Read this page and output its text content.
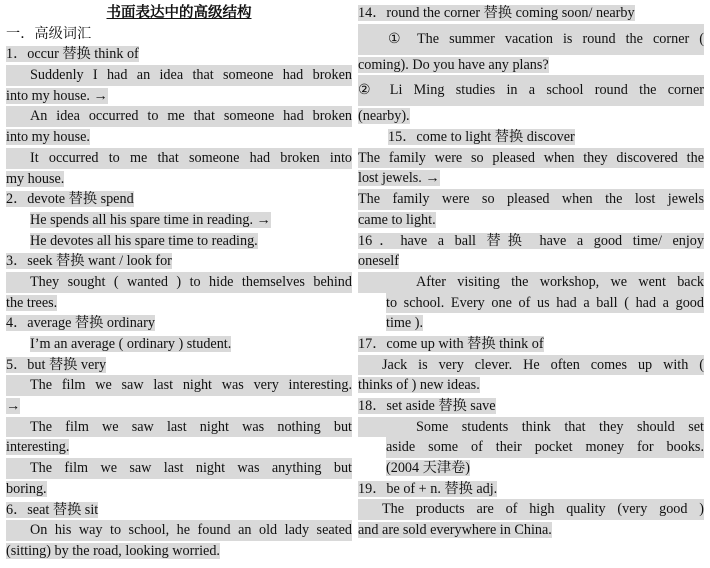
书面表达中的高级结构
一．高级词汇
1．occur 替换 think of
Suddenly I had an idea that someone had broken
into my house. →
An idea occurred to me that someone had broken
into my house.
It occurred to me that someone had broken into
my house.
2．devote 替换 spend
He spends all his spare time in reading. →
He devotes all his spare time to reading.
3．seek 替换 want / look for
They sought ( wanted ) to hide themselves behind
the trees.
4．average 替换 ordinary
I’m an average ( ordinary ) student.
5．but 替换 very
The film we saw last night was very interesting.
→
The film we saw last night was nothing but
interesting.
The film we saw last night was anything but
boring.
6．seat 替换 sit
On his way to school, he found an old lady seated
(sitting) by the road, looking worried.
14．round the corner 替换 coming soon/ nearby
① The summer vacation is round the corner (
coming). Do you have any plans?
② Li Ming studies in a school round the corner
(nearby).
15．come to light 替换 discover
The family were so pleased when they discovered the
lost jewels. →
The family were so pleased when the lost jewels
came to light.
16．have a ball 替换 have a good time/ enjoy
oneself
After visiting the workshop, we went back
to school. Every one of us had a ball ( had a good
time ).
17．come up with 替换 think of
Jack is very clever. He often comes up with (
thinks of ) new ideas.
18．set aside 替换 save
Some students think that they should set
aside some of their pocket money for books.
(2004 天津卷)
19．be of + n. 替换 adj.
The products are of high quality (very good )
and are sold everywhere in China.
